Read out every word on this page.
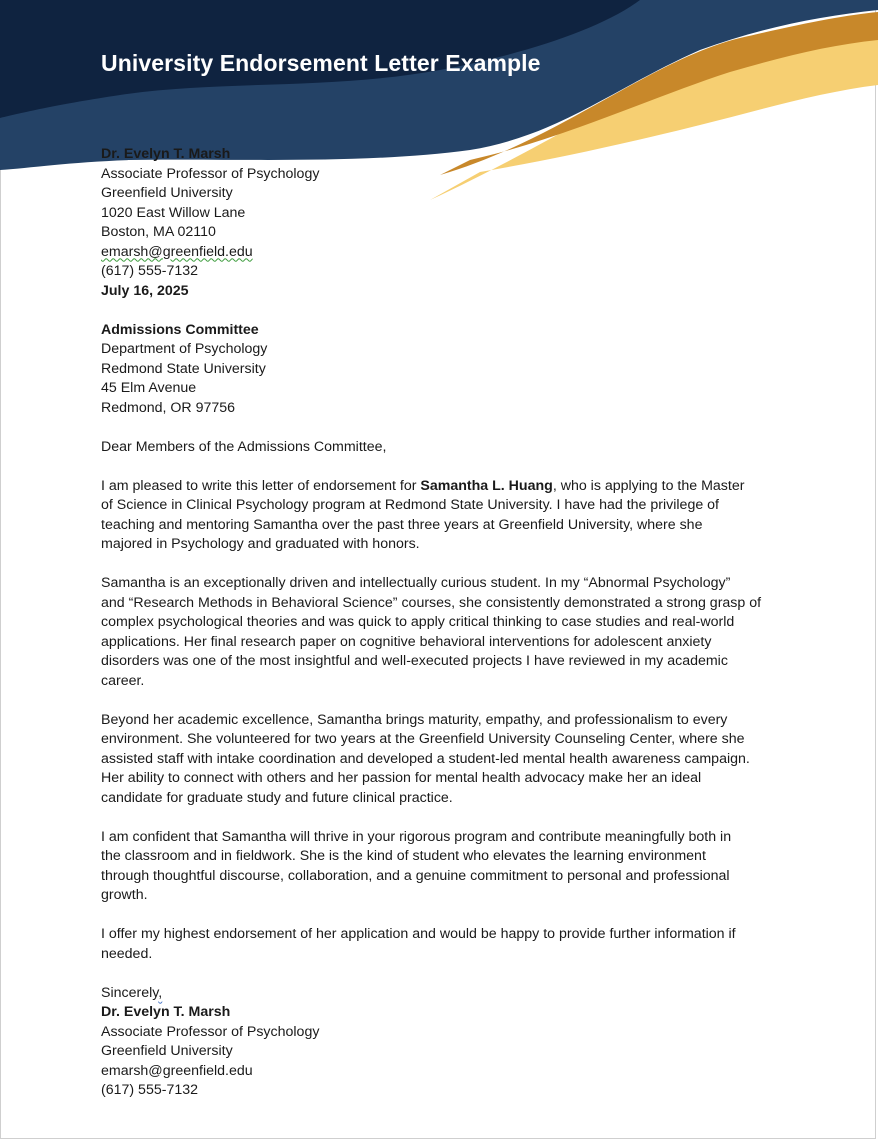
University Endorsement Letter Example
Dr. Evelyn T. Marsh
Associate Professor of Psychology
Greenfield University
1020 East Willow Lane
Boston, MA 02110
emarsh@greenfield.edu
(617) 555-7132
July 16, 2025
Admissions Committee
Department of Psychology
Redmond State University
45 Elm Avenue
Redmond, OR 97756

Dear Members of the Admissions Committee,

I am pleased to write this letter of endorsement for Samantha L. Huang, who is applying to the Master
of Science in Clinical Psychology program at Redmond State University. I have had the privilege of
teaching and mentoring Samantha over the past three years at Greenfield University, where she
majored in Psychology and graduated with honors.

Samantha is an exceptionally driven and intellectually curious student. In my “Abnormal Psychology”
and “Research Methods in Behavioral Science” courses, she consistently demonstrated a strong grasp of
complex psychological theories and was quick to apply critical thinking to case studies and real-world
applications. Her final research paper on cognitive behavioral interventions for adolescent anxiety
disorders was one of the most insightful and well-executed projects I have reviewed in my academic
career.

Beyond her academic excellence, Samantha brings maturity, empathy, and professionalism to every
environment. She volunteered for two years at the Greenfield University Counseling Center, where she
assisted staff with intake coordination and developed a student-led mental health awareness campaign.
Her ability to connect with others and her passion for mental health advocacy make her an ideal
candidate for graduate study and future clinical practice.

I am confident that Samantha will thrive in your rigorous program and contribute meaningfully both in
the classroom and in fieldwork. She is the kind of student who elevates the learning environment
through thoughtful discourse, collaboration, and a genuine commitment to personal and professional
growth.

I offer my highest endorsement of her application and would be happy to provide further information if
needed.

Sincerely,
Dr. Evelyn T. Marsh
Associate Professor of Psychology
Greenfield University
emarsh@greenfield.edu
(617) 555-7132
